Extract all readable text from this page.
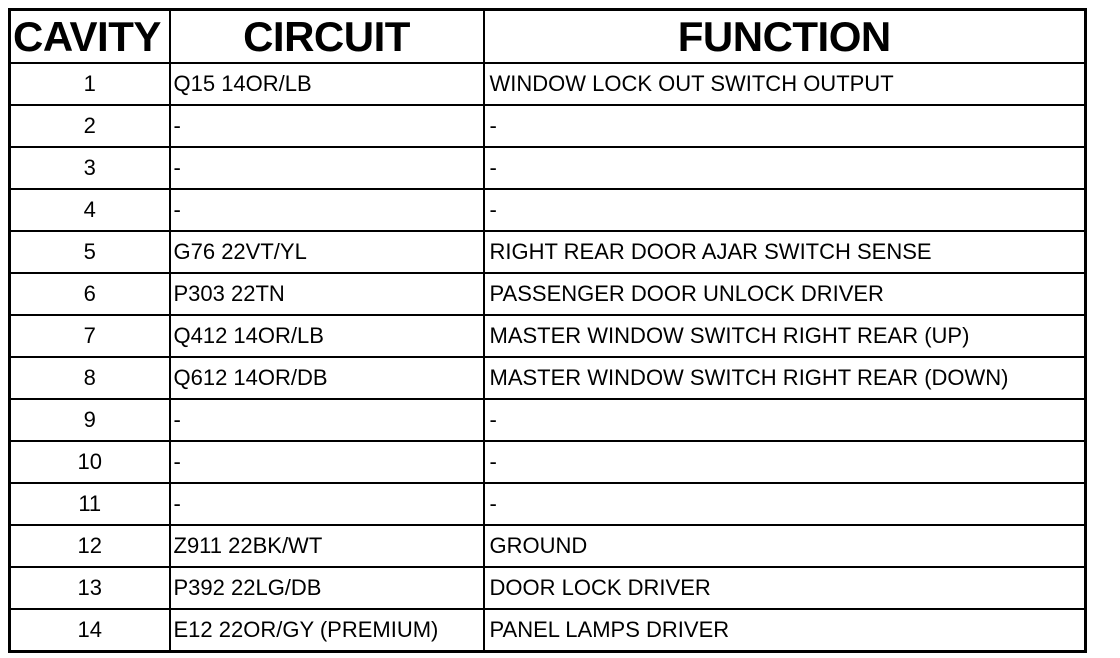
CAVITY	CIRCUIT	FUNCTION
1	Q15 14OR/LB	WINDOW LOCK OUT SWITCH OUTPUT
2	-	-
3	-	-
4	-	-
5	G76 22VT/YL	RIGHT REAR DOOR AJAR SWITCH SENSE
6	P303 22TN	PASSENGER DOOR UNLOCK DRIVER
7	Q412 14OR/LB	MASTER WINDOW SWITCH RIGHT REAR (UP)
8	Q612 14OR/DB	MASTER WINDOW SWITCH RIGHT REAR (DOWN)
9	-	-
10	-	-
11	-	-
12	Z911 22BK/WT	GROUND
13	P392 22LG/DB	DOOR LOCK DRIVER
14	E12 22OR/GY (PREMIUM)	PANEL LAMPS DRIVER
